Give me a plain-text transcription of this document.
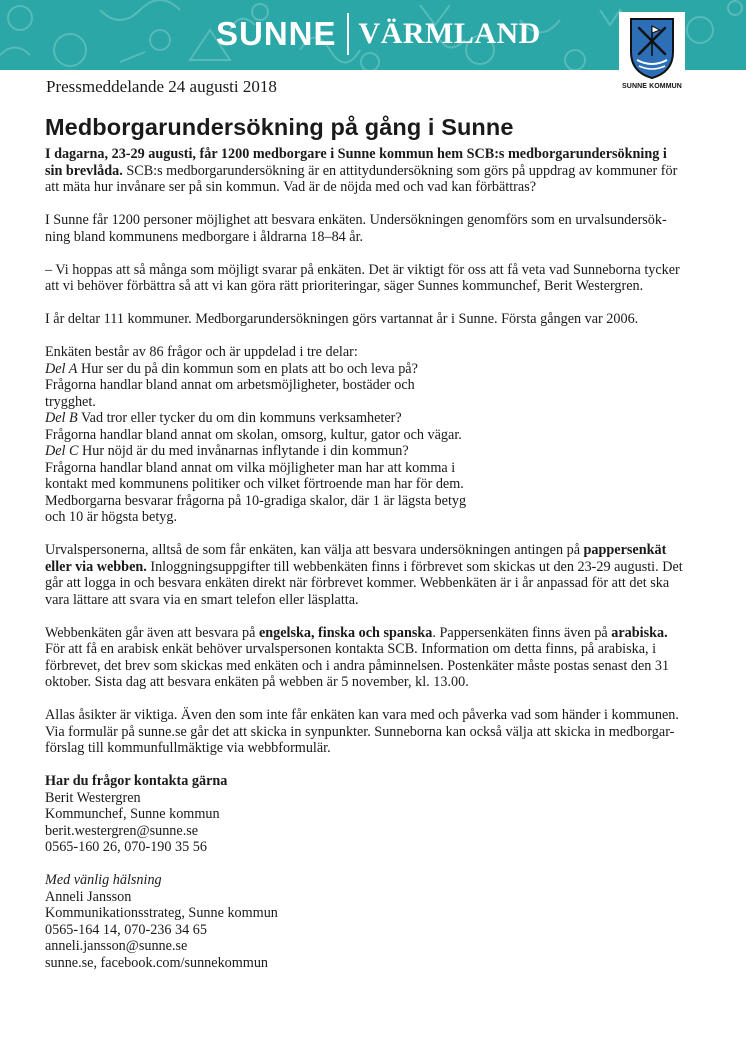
SUNNE VÄRMLAND
SUNNE KOMMUN
Pressmeddelande 24 augusti 2018
Medborgarundersökning på gång i Sunne

I dagarna, 23-29 augusti, får 1200 medborgare i Sunne kommun hem SCB:s medborgarundersökning i
sin brevlåda. SCB:s medborgarundersökning är en attitydundersökning som görs på uppdrag av kommuner för
att mäta hur invånare ser på sin kommun. Vad är de nöjda med och vad kan förbättras?

I Sunne får 1200 personer möjlighet att besvara enkäten. Undersökningen genomförs som en urvalsundersök-
ning bland kommunens medborgare i åldrarna 18–84 år.

– Vi hoppas att så många som möjligt svarar på enkäten. Det är viktigt för oss att få veta vad Sunneborna tycker
att vi behöver förbättra så att vi kan göra rätt prioriteringar, säger Sunnes kommunchef, Berit Westergren.

I år deltar 111 kommuner. Medborgarundersökningen görs vartannat år i Sunne. Första gången var 2006.

Enkäten består av 86 frågor och är uppdelad i tre delar:
Del A Hur ser du på din kommun som en plats att bo och leva på?
Frågorna handlar bland annat om arbetsmöjligheter, bostäder och
trygghet.
Del B Vad tror eller tycker du om din kommuns verksamheter?
Frågorna handlar bland annat om skolan, omsorg, kultur, gator och vägar.
Del C Hur nöjd är du med invånarnas inflytande i din kommun?
Frågorna handlar bland annat om vilka möjligheter man har att komma i
kontakt med kommunens politiker och vilket förtroende man har för dem.
Medborgarna besvarar frågorna på 10-gradiga skalor, där 1 är lägsta betyg
och 10 är högsta betyg.

Urvalspersonerna, alltså de som får enkäten, kan välja att besvara undersökningen antingen på pappersenkät
eller via webben. Inloggningsuppgifter till webbenkäten finns i förbrevet som skickas ut den 23-29 augusti. Det
går att logga in och besvara enkäten direkt när förbrevet kommer. Webbenkäten är i år anpassad för att det ska
vara lättare att svara via en smart telefon eller läsplatta.

Webbenkäten går även att besvara på engelska, finska och spanska. Pappersenkäten finns även på arabiska.
För att få en arabisk enkät behöver urvalspersonen kontakta SCB. Information om detta finns, på arabiska, i
förbrevet, det brev som skickas med enkäten och i andra påminnelsen. Postenkäter måste postas senast den 31
oktober. Sista dag att besvara enkäten på webben är 5 november, kl. 13.00.

Allas åsikter är viktiga. Även den som inte får enkäten kan vara med och påverka vad som händer i kommunen.
Via formulär på sunne.se går det att skicka in synpunkter. Sunneborna kan också välja att skicka in medborgar-
förslag till kommunfullmäktige via webbformulär.

Har du frågor kontakta gärna
Berit Westergren
Kommunchef, Sunne kommun
berit.westergren@sunne.se
0565-160 26, 070-190 35 56

Med vänlig hälsning
Anneli Jansson
Kommunikationsstrateg, Sunne kommun
0565-164 14, 070-236 34 65
anneli.jansson@sunne.se
sunne.se, facebook.com/sunnekommun
